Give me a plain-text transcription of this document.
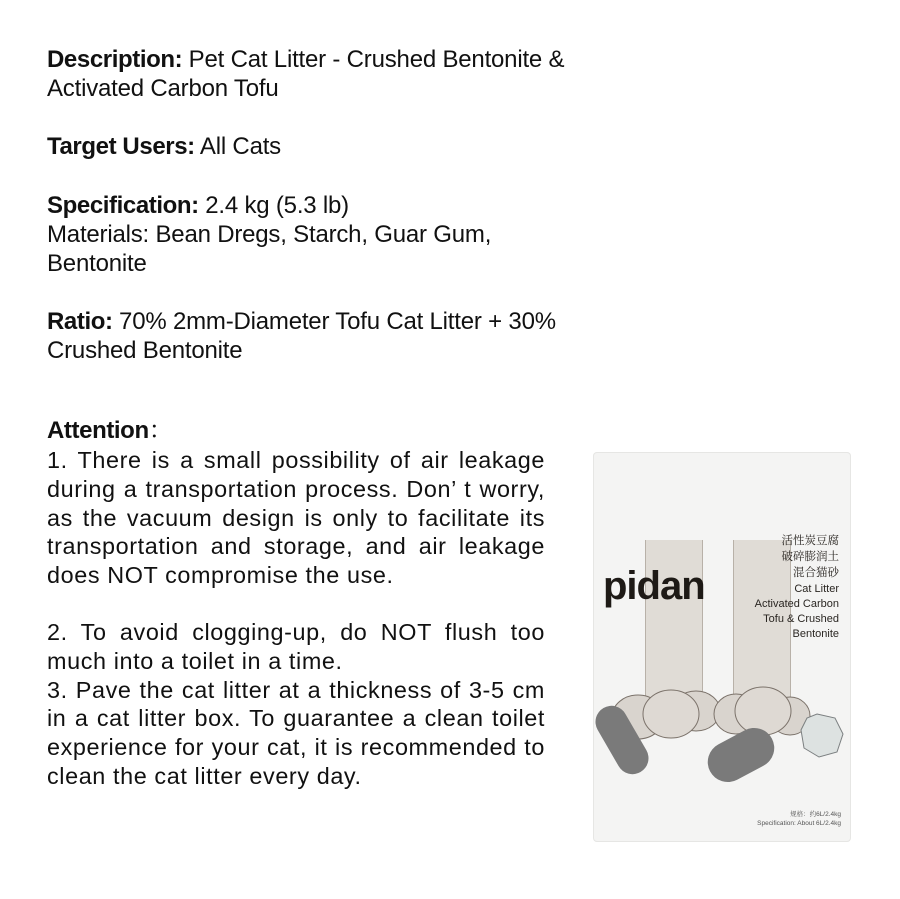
Description: Pet Cat Litter - Crushed Bentonite & Activated Carbon Tofu
Target Users: All Cats
Specification: 2.4 kg (5.3 lb)
Materials: Bean Dregs, Starch, Guar Gum, Bentonite
Ratio: 70% 2mm-Diameter Tofu Cat Litter + 30% Crushed Bentonite
Attention：

1. There is a small possibility of air leakage during a transportation process. Don’ t worry, as the vacuum design is only to facilitate its transportation and storage, and air leakage does NOT compromise the use.

2. To avoid clogging-up, do NOT flush too much into a toilet in a time.

3. Pave the cat litter at a thickness of 3-5 cm in a cat litter box. To guarantee a clean toilet experience for your cat, it is recommended to clean the cat litter every day.

pidan
活性炭豆腐
破碎膨润土
混合猫砂
Cat Litter
Activated Carbon
Tofu & Crushed
Bentonite
规格：约6L/2.4kg
Specification: About 6L/2.4kg
